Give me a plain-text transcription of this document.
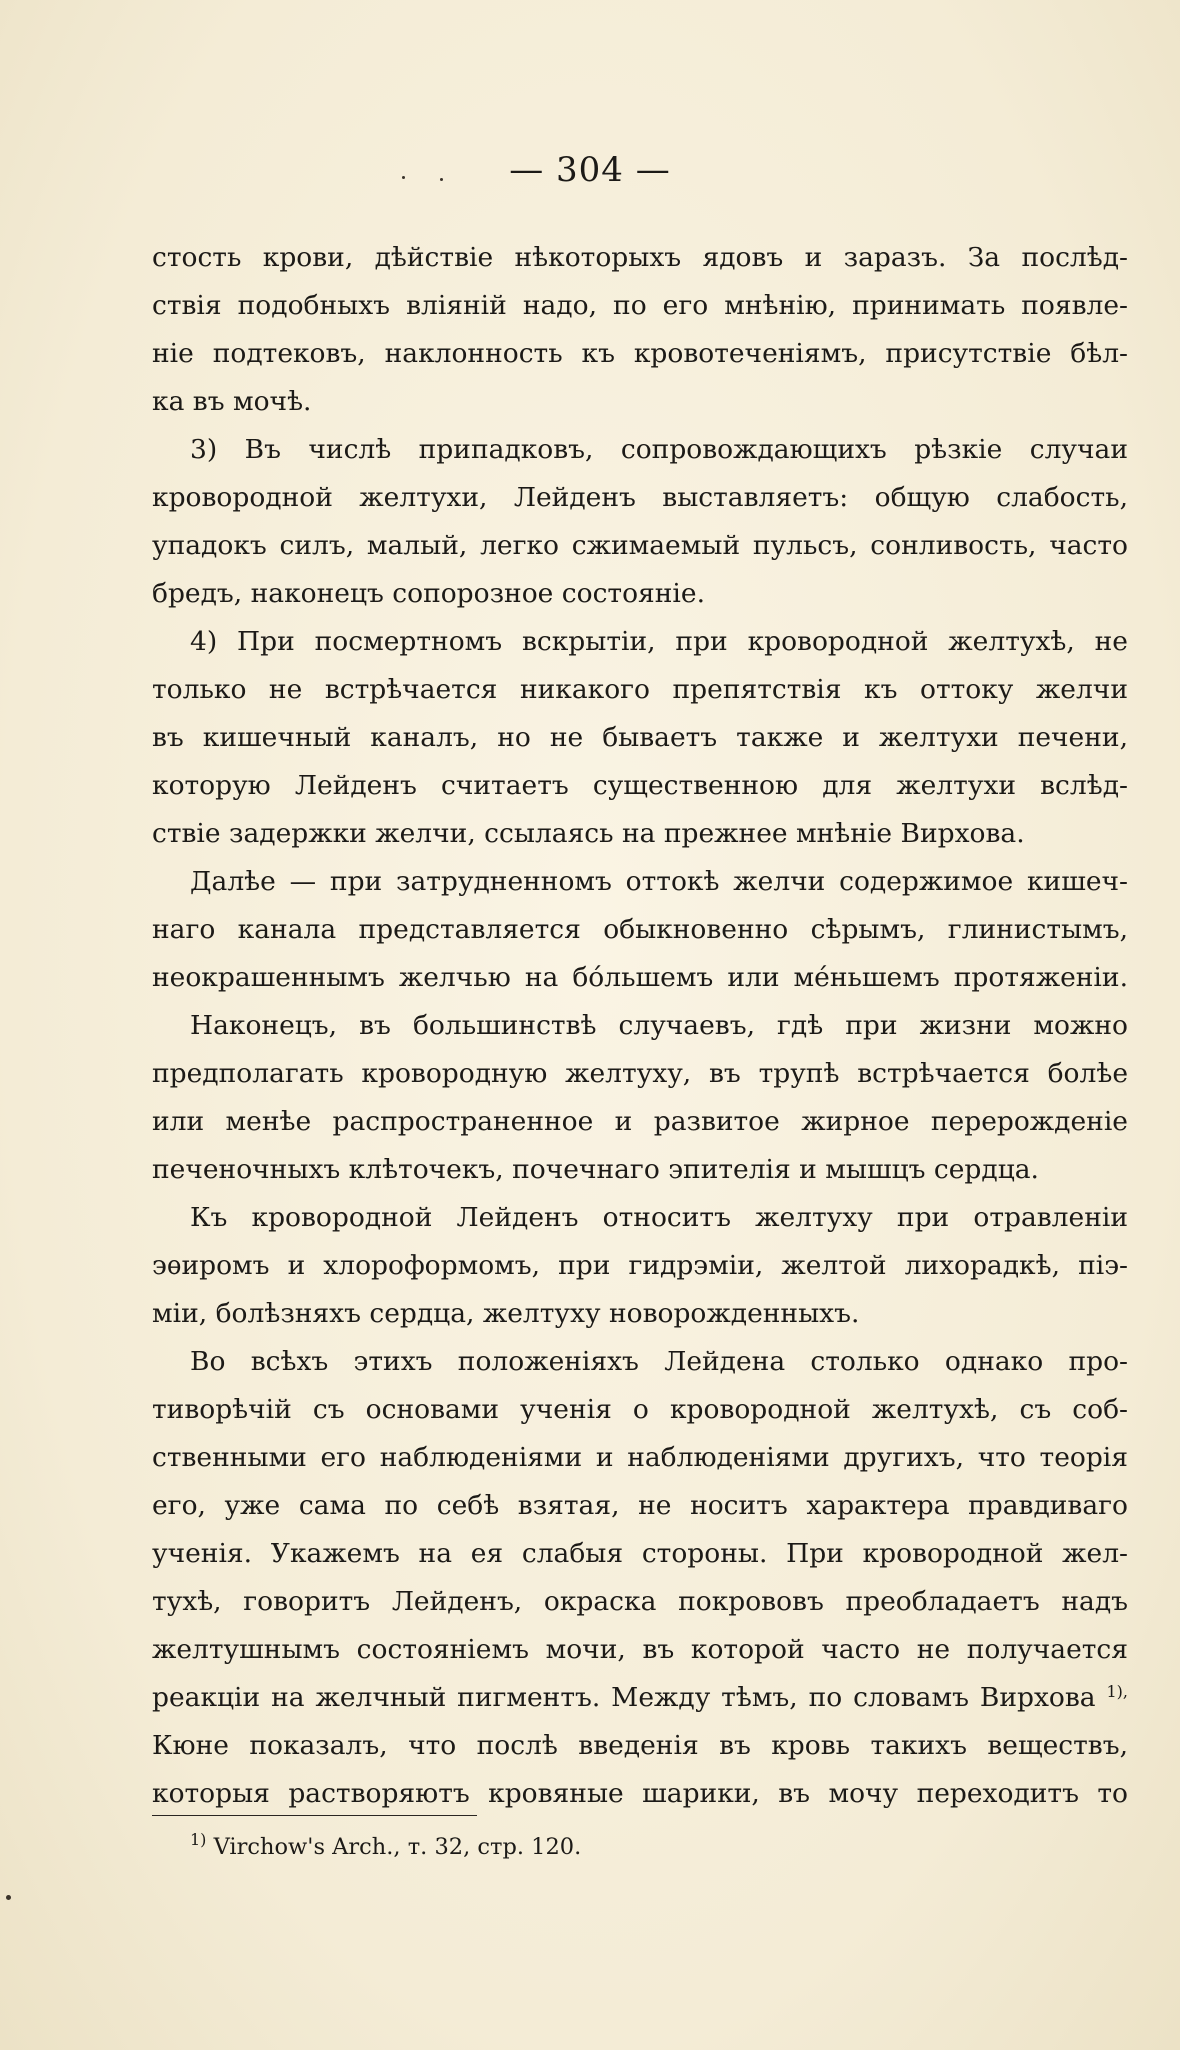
— 304 —
стость крови, дѣйствіе нѣкоторыхъ ядовъ и заразъ. За послѣд-
ствія подобныхъ вліяній надо, по его мнѣнію, принимать появле-
ніе подтековъ, наклонность къ кровотеченіямъ, присутствіе бѣл-
ка въ мочѣ.
3) Въ числѣ припадковъ, сопровождающихъ рѣзкіе случаи
кровородной желтухи, Лейденъ выставляетъ: общую слабость,
упадокъ силъ, малый, легко сжимаемый пульсъ, сонливость, часто
бредъ, наконецъ сопорозное состояніе.
4) При посмертномъ вскрытіи, при кровородной желтухѣ, не
только не встрѣчается никакого препятствія къ оттоку желчи
въ кишечный каналъ, но не бываетъ также и желтухи печени,
которую Лейденъ считаетъ существенною для желтухи вслѣд-
ствіе задержки желчи, ссылаясь на прежнее мнѣніе Вирхова.
Далѣе — при затрудненномъ оттокѣ желчи содержимое кишеч-
наго канала представляется обыкновенно сѣрымъ, глинистымъ,
неокрашеннымъ желчью на бо́льшемъ или ме́ньшемъ протяженіи.
Наконецъ, въ большинствѣ случаевъ, гдѣ при жизни можно
предполагать кровородную желтуху, въ трупѣ встрѣчается болѣе
или менѣе распространенное и развитое жирное перерожденіе
печеночныхъ клѣточекъ, почечнаго эпителія и мышцъ сердца.
Къ кровородной Лейденъ относитъ желтуху при отравленіи
эѳиромъ и хлороформомъ, при гидрэміи, желтой лихорадкѣ, піэ-
міи, болѣзняхъ сердца, желтуху новорожденныхъ.
Во всѣхъ этихъ положеніяхъ Лейдена столько однако про-
тиворѣчій съ основами ученія о кровородной желтухѣ, съ соб-
ственными его наблюденіями и наблюденіями другихъ, что теорія
его, уже сама по себѣ взятая, не носитъ характера правдиваго
ученія. Укажемъ на ея слабыя стороны. При кровородной жел-
тухѣ, говоритъ Лейденъ, окраска покрововъ преобладаетъ надъ
желтушнымъ состояніемъ мочи, въ которой часто не получается
реакціи на желчный пигментъ. Между тѣмъ, по словамъ Вирхова $^{1),}$
Кюне показалъ, что послѣ введенія въ кровь такихъ веществъ,
которыя растворяютъ кровяные шарики, въ мочу переходитъ то
$^{1)}$ Virchow's Arch., т. 32, стр. 120.
